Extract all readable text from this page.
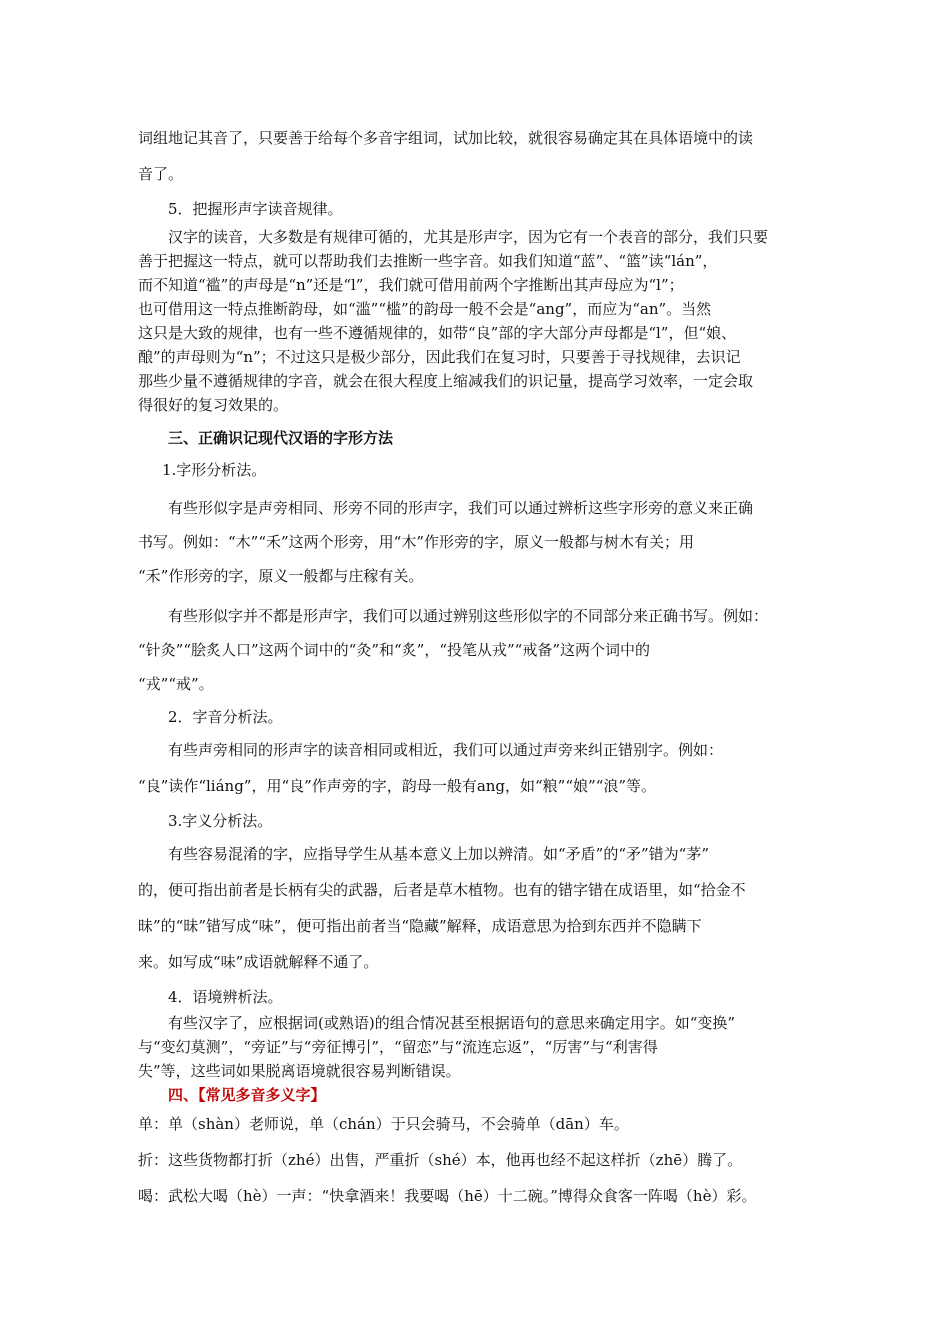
词组地记其音了，只要善于给每个多音字组词，试加比较，就很容易确定其在具体语境中的读

音了。

5．把握形声字读音规律。

汉字的读音，大多数是有规律可循的，尤其是形声字，因为它有一个表音的部分，我们只要

善于把握这一特点，就可以帮助我们去推断一些字音。如我们知道“蓝”、“篮”读“lán”，

而不知道“褴”的声母是“n”还是“l”，我们就可借用前两个字推断出其声母应为“l”；

也可借用这一特点推断韵母，如“滥”“槛”的韵母一般不会是“ang”，而应为“an”。当然

这只是大致的规律，也有一些不遵循规律的，如带“良”部的字大部分声母都是“l”，但“娘、

酿”的声母则为“n”；不过这只是极少部分，因此我们在复习时，只要善于寻找规律，去识记

那些少量不遵循规律的字音，就会在很大程度上缩减我们的识记量，提高学习效率，一定会取

得很好的复习效果的。

三、正确识记现代汉语的字形方法

1.字形分析法。

有些形似字是声旁相同、形旁不同的形声字，我们可以通过辨析这些字形旁的意义来正确

书写。例如：“木”“禾”这两个形旁，用“木”作形旁的字，原义一般都与树木有关；用

“禾”作形旁的字，原义一般都与庄稼有关。

有些形似字并不都是形声字，我们可以通过辨别这些形似字的不同部分来正确书写。例如：

“针灸”“脍炙人口”这两个词中的“灸”和“炙”，“投笔从戎”“戒备”这两个词中的

“戎”“戒”。

2．字音分析法。

有些声旁相同的形声字的读音相同或相近，我们可以通过声旁来纠正错别字。例如：

“良”读作“liáng”，用“良”作声旁的字，韵母一般有ang，如“粮”“娘”“浪”等。

3.字义分析法。

有些容易混淆的字，应指导学生从基本意义上加以辨清。如“矛盾”的“矛”错为“茅”

的，便可指出前者是长柄有尖的武器，后者是草木植物。也有的错字错在成语里，如“拾金不

昧”的“昧”错写成“味”，便可指出前者当“隐藏”解释，成语意思为拾到东西并不隐瞒下

来。如写成“味”成语就解释不通了。

4．语境辨析法。

有些汉字了，应根据词(或熟语)的组合情况甚至根据语句的意思来确定用字。如“变换”

与“变幻莫测”，“旁证”与“旁征博引”，“留恋”与“流连忘返”，“厉害”与“利害得

失”等，这些词如果脱离语境就很容易判断错误。

四、【常见多音多义字】

单：单（shàn）老师说，单（chán）于只会骑马，不会骑单（dān）车。

折：这些货物都打折（zhé）出售，严重折（shé）本，他再也经不起这样折（zhē）腾了。

喝：武松大喝（hè）一声：“快拿酒来！我要喝（hē）十二碗。”博得众食客一阵喝（hè）彩。
